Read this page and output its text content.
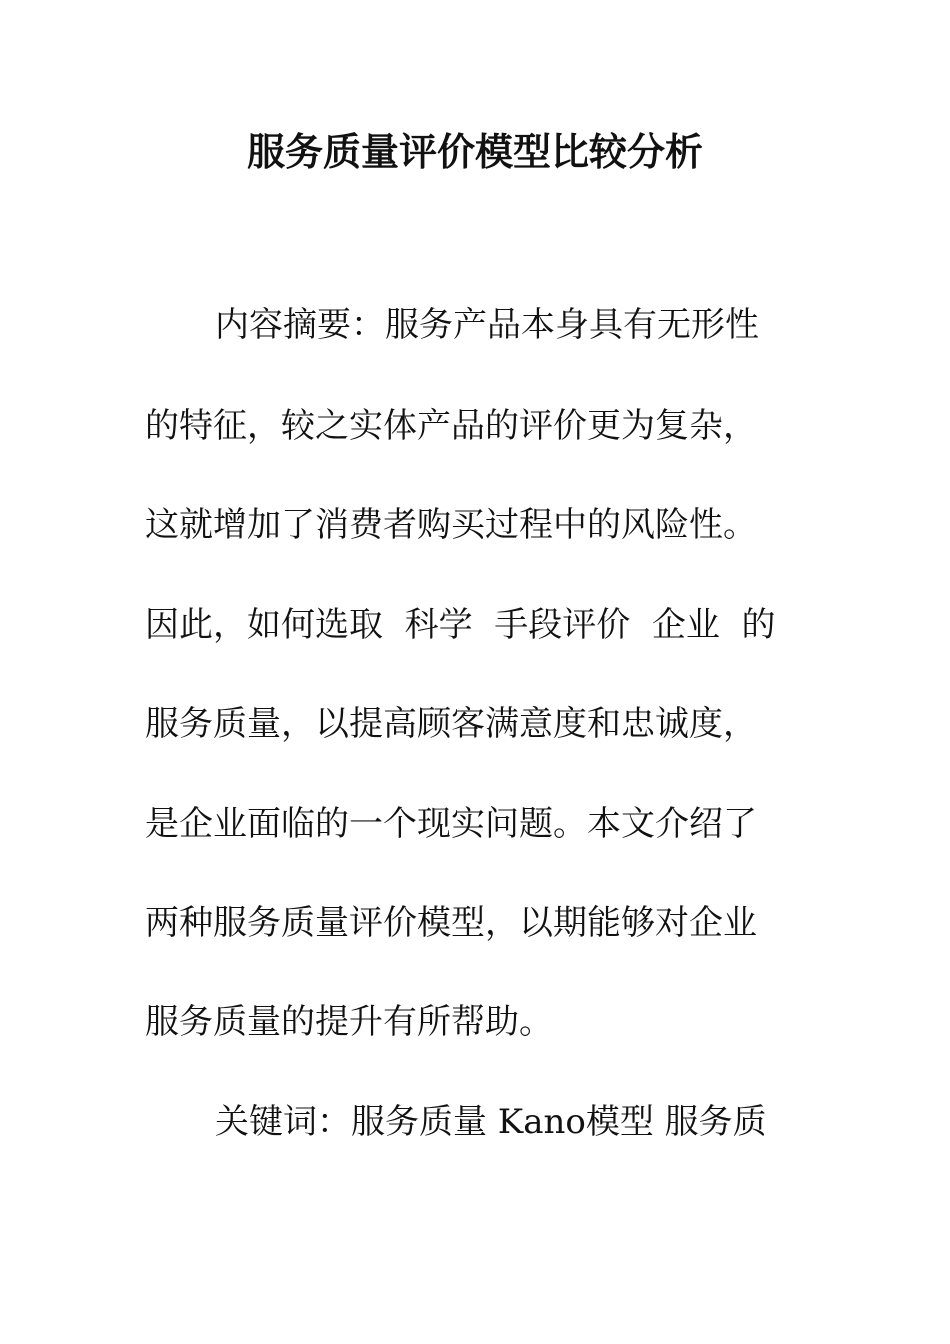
服务质量评价模型比较分析
内容摘要：服务产品本身具有无形性
的特征，较之实体产品的评价更为复杂，
这就增加了消费者购买过程中的风险性。
因此，如何选取  科学  手段评价  企业  的
服务质量，以提高顾客满意度和忠诚度，
是企业面临的一个现实问题。本文介绍了
两种服务质量评价模型，以期能够对企业
服务质量的提升有所帮助。
关键词：服务质量 Kano模型 服务质
